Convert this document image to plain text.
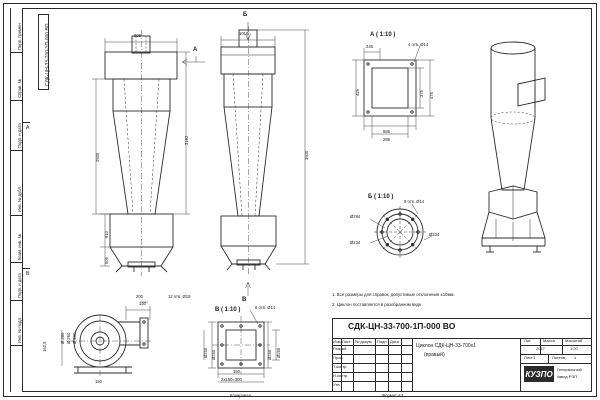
Перв. примен.
Справ. №
Подп. и дата
Инв. № дубл.
Взам. инв. №
Подп. и дата
Инв. № подл.
А
В
СДК-ЦН-33-700-1П-000 ВО	908
3192
2930
910
505
А
Б
1010
3500
В
А ( 1:10 )
245	4 отв. Ø14
425	375 475
585
285
Б ( 1:10 )
8 отв. Ø14
Ø294
Ø234
Ø334
200
140
12 отв. Ø18
Ø 200
Ø 260
Ø 280
162,5
150
В ( 1:10 )	8 отв. Ø14
Ø250 Ø250
Ø250
Ø250
150
2х150=300
1. Все размеры для справок, допустимые отклонения ±10мм.
2. Циклон поставляется в разобранном виде.
СДК-ЦН-33-700-1П-000 ВО
Изм. Лист № докум. Подп. Дата
Разраб.
Пров.
Т.контр.
Н.контр.
Утв.
Циклон СДК-ЦН-33-700х1
(правый)
Лит.	Масса	Масштаб
2017	1:20
Лист	Листов
1	1
КУЗПО Генеральный
завод РЭП
Копировал	Формат А3
